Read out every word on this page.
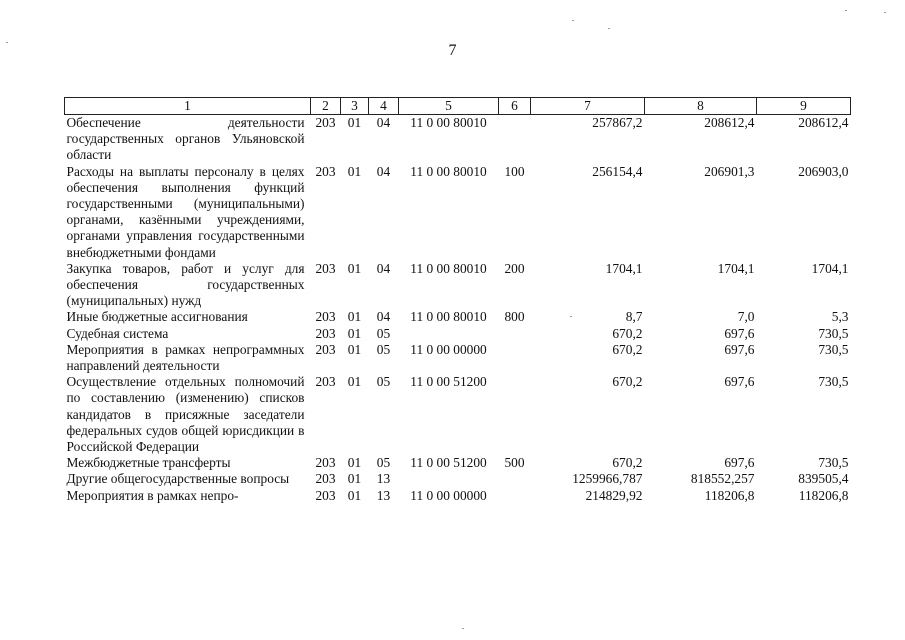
7
1	2	3	4	5	6	7	8	9
Обеспечение деятельности государственных органов Ульяновской области	203	01	04	11 0 00 80010		257867,2	208612,4	208612,4
Расходы на выплаты персоналу в целях обеспечения выполнения функций государственными (муниципальными) органами, казёнными учреждениями, органами управления государственными внебюджетными фондами	203	01	04	11 0 00 80010	100	256154,4	206901,3	206903,0
Закупка товаров, работ и услуг для обеспечения государственных (муниципальных) нужд	203	01	04	11 0 00 80010	200	1704,1	1704,1	1704,1
Иные бюджетные ассигнования	203	01	04	11 0 00 80010	800	8,7	7,0	5,3
Судебная система	203	01	05			670,2	697,6	730,5
Мероприятия в рамках непрограммных направлений деятельности	203	01	05	11 0 00 00000		670,2	697,6	730,5
Осуществление отдельных полномочий по составлению (изменению) списков кандидатов в присяжные заседатели федеральных судов общей юрисдикции в Российской Федерации	203	01	05	11 0 00 51200		670,2	697,6	730,5
Межбюджетные трансферты	203	01	05	11 0 00 51200	500	670,2	697,6	730,5
Другие общегосударственные вопросы	203	01	13			1259966,787	818552,257	839505,4
Мероприятия в рамках непро-	203	01	13	11 0 00 00000		214829,92	118206,8	118206,8
